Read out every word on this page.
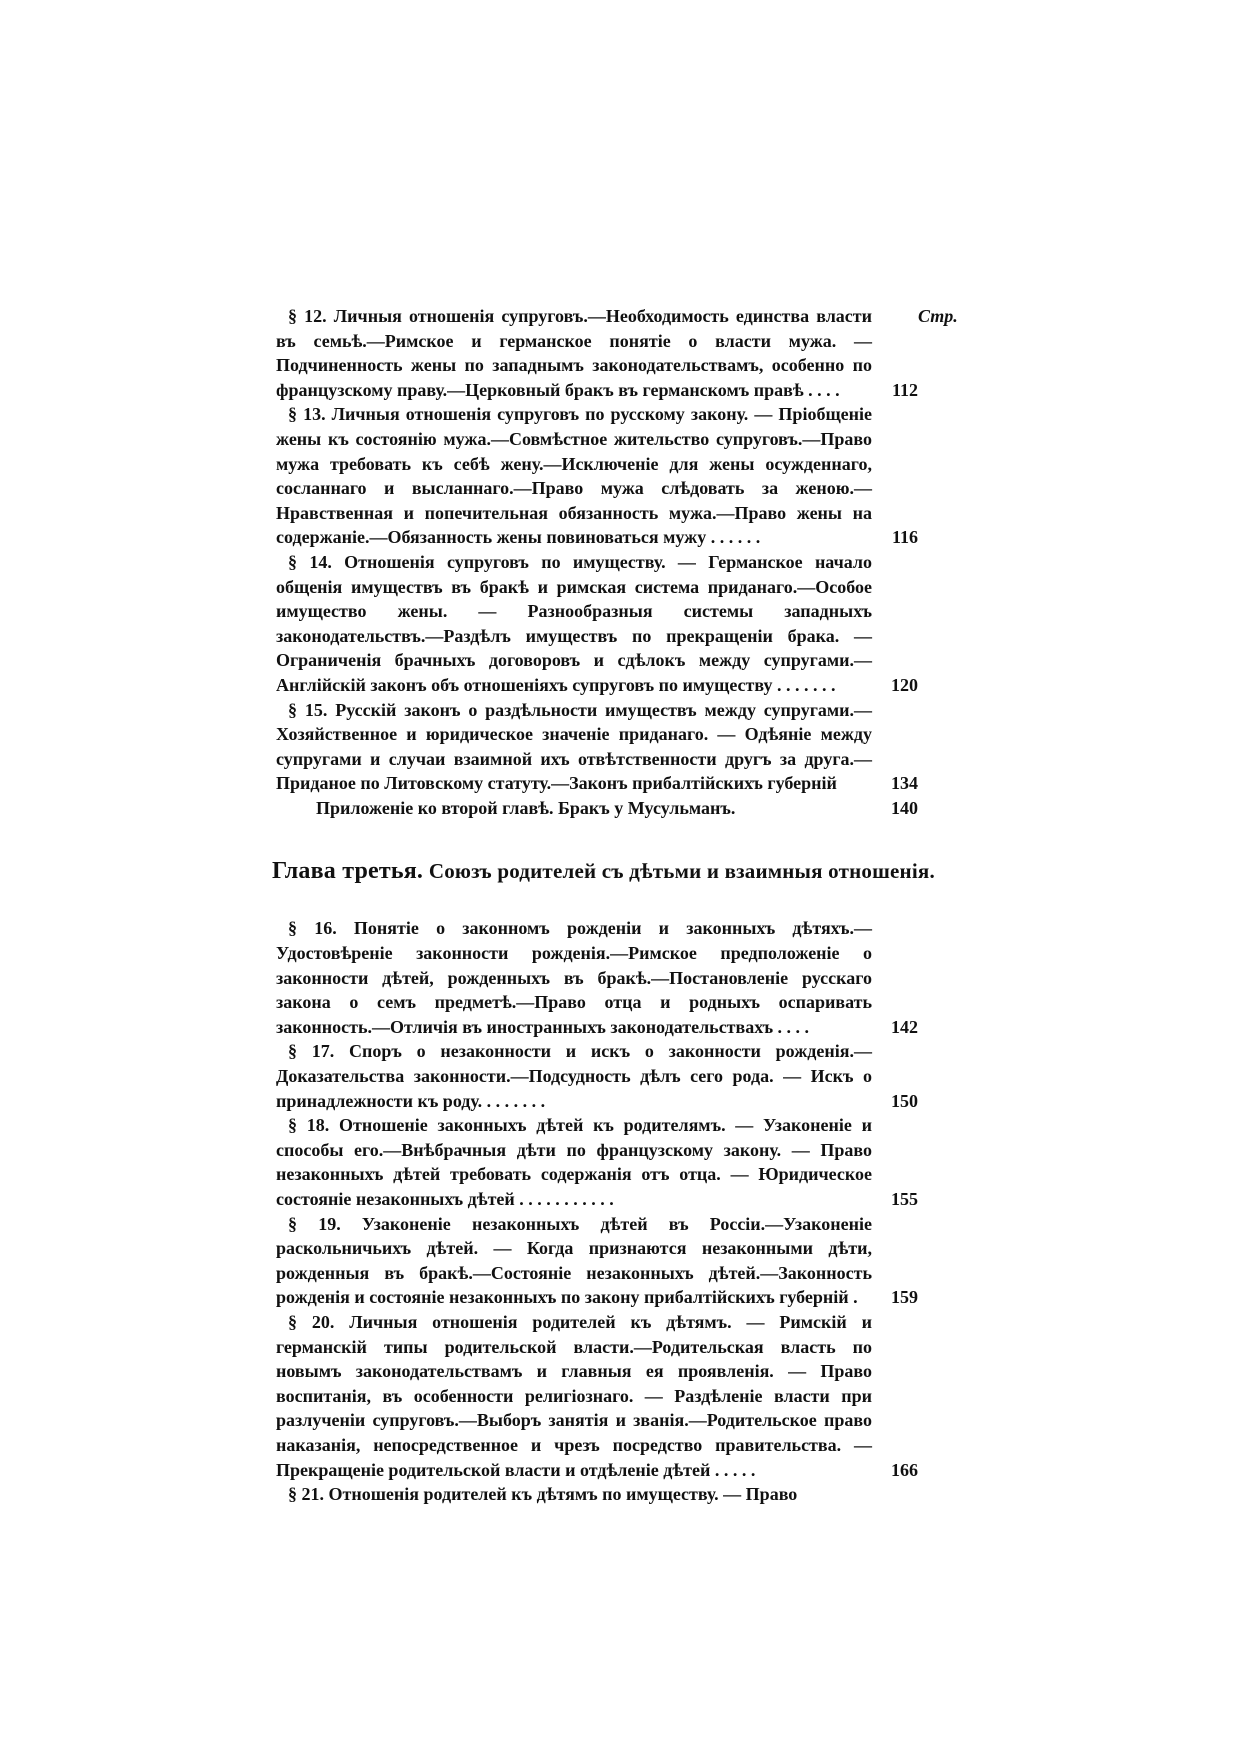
Стр.

§ 12. Личныя отношенія супруговъ.—Необходимость единства власти въ семьѣ.—Римское и германское понятіе о власти мужа. — Подчиненность жены по западнымъ законодательствамъ, особенно по французскому праву.—Церковный бракъ въ германскомъ правѣ . . . .	112

§ 13. Личныя отношенія супруговъ по русскому закону. — Пріобщеніе жены къ состоянію мужа.—Совмѣстное жительство супруговъ.—Право мужа требовать къ себѣ жену.—Исключеніе для жены осужденнаго, сосланнаго и высланнаго.—Право мужа слѣдовать за женою.—Нравственная и попечительная обязанность мужа.—Право жены на содержаніе.—Обязанность жены повиноваться мужу . . . . . .	116

§ 14. Отношенія супруговъ по имуществу. — Германское начало общенія имуществъ въ бракѣ и римская система приданаго.—Особое имущество жены. — Разнообразныя системы западныхъ законодательствъ.—Раздѣлъ имуществъ по прекращеніи брака. — Ограниченія брачныхъ договоровъ и сдѣлокъ между супругами.—Англійскій законъ объ отношеніяхъ супруговъ по имуществу . . . . . . .	120

§ 15. Русскій законъ о раздѣльности имуществъ между супругами.—Хозяйственное и юридическое значеніе приданаго. — Одѣяніе между супругами и случаи взаимной ихъ отвѣтственности другъ за друга.—Приданое по Литовскому статуту.—Законъ прибалтійскихъ губерній	134

Приложеніе ко второй главѣ. Бракъ у Мусульманъ.	140

Глава третья. Союзъ родителей съ дѣтьми и взаимныя отношенія.

§ 16. Понятіе о законномъ рожденіи и законныхъ дѣтяхъ.—Удостовѣреніе законности рожденія.—Римское предположеніе о законности дѣтей, рожденныхъ въ бракѣ.—Постановленіе русскаго закона о семъ предметѣ.—Право отца и родныхъ оспаривать законность.—Отличія въ иностранныхъ законодательствахъ . . . .	142

§ 17. Споръ о незаконности и искъ о законности рожденія.—Доказательства законности.—Подсудность дѣлъ сего рода. — Искъ о принадлежности къ роду. . . . . . . .	150

§ 18. Отношеніе законныхъ дѣтей къ родителямъ. — Узаконеніе и способы его.—Внѣбрачныя дѣти по французскому закону. — Право незаконныхъ дѣтей требовать содержанія отъ отца. — Юридическое состояніе незаконныхъ дѣтей . . . . . . . . . . .	155

§ 19. Узаконеніе незаконныхъ дѣтей въ Россіи.—Узаконеніе раскольничьихъ дѣтей. — Когда признаются незаконными дѣти, рожденныя въ бракѣ.—Состояніе незаконныхъ дѣтей.—Законность рожденія и состояніе незаконныхъ по закону прибалтійскихъ губерній .	159

§ 20. Личныя отношенія родителей къ дѣтямъ. — Римскій и германскій типы родительской власти.—Родительская власть по новымъ законодательствамъ и главныя ея проявленія. — Право воспитанія, въ особенности религіознаго. — Раздѣленіе власти при разлученіи супруговъ.—Выборъ занятія и званія.—Родительское право наказанія, непосредственное и чрезъ посредство правительства. — Прекращеніе родительской власти и отдѣленіе дѣтей . . . . .	166

§ 21. Отношенія родителей къ дѣтямъ по имуществу. — Право
